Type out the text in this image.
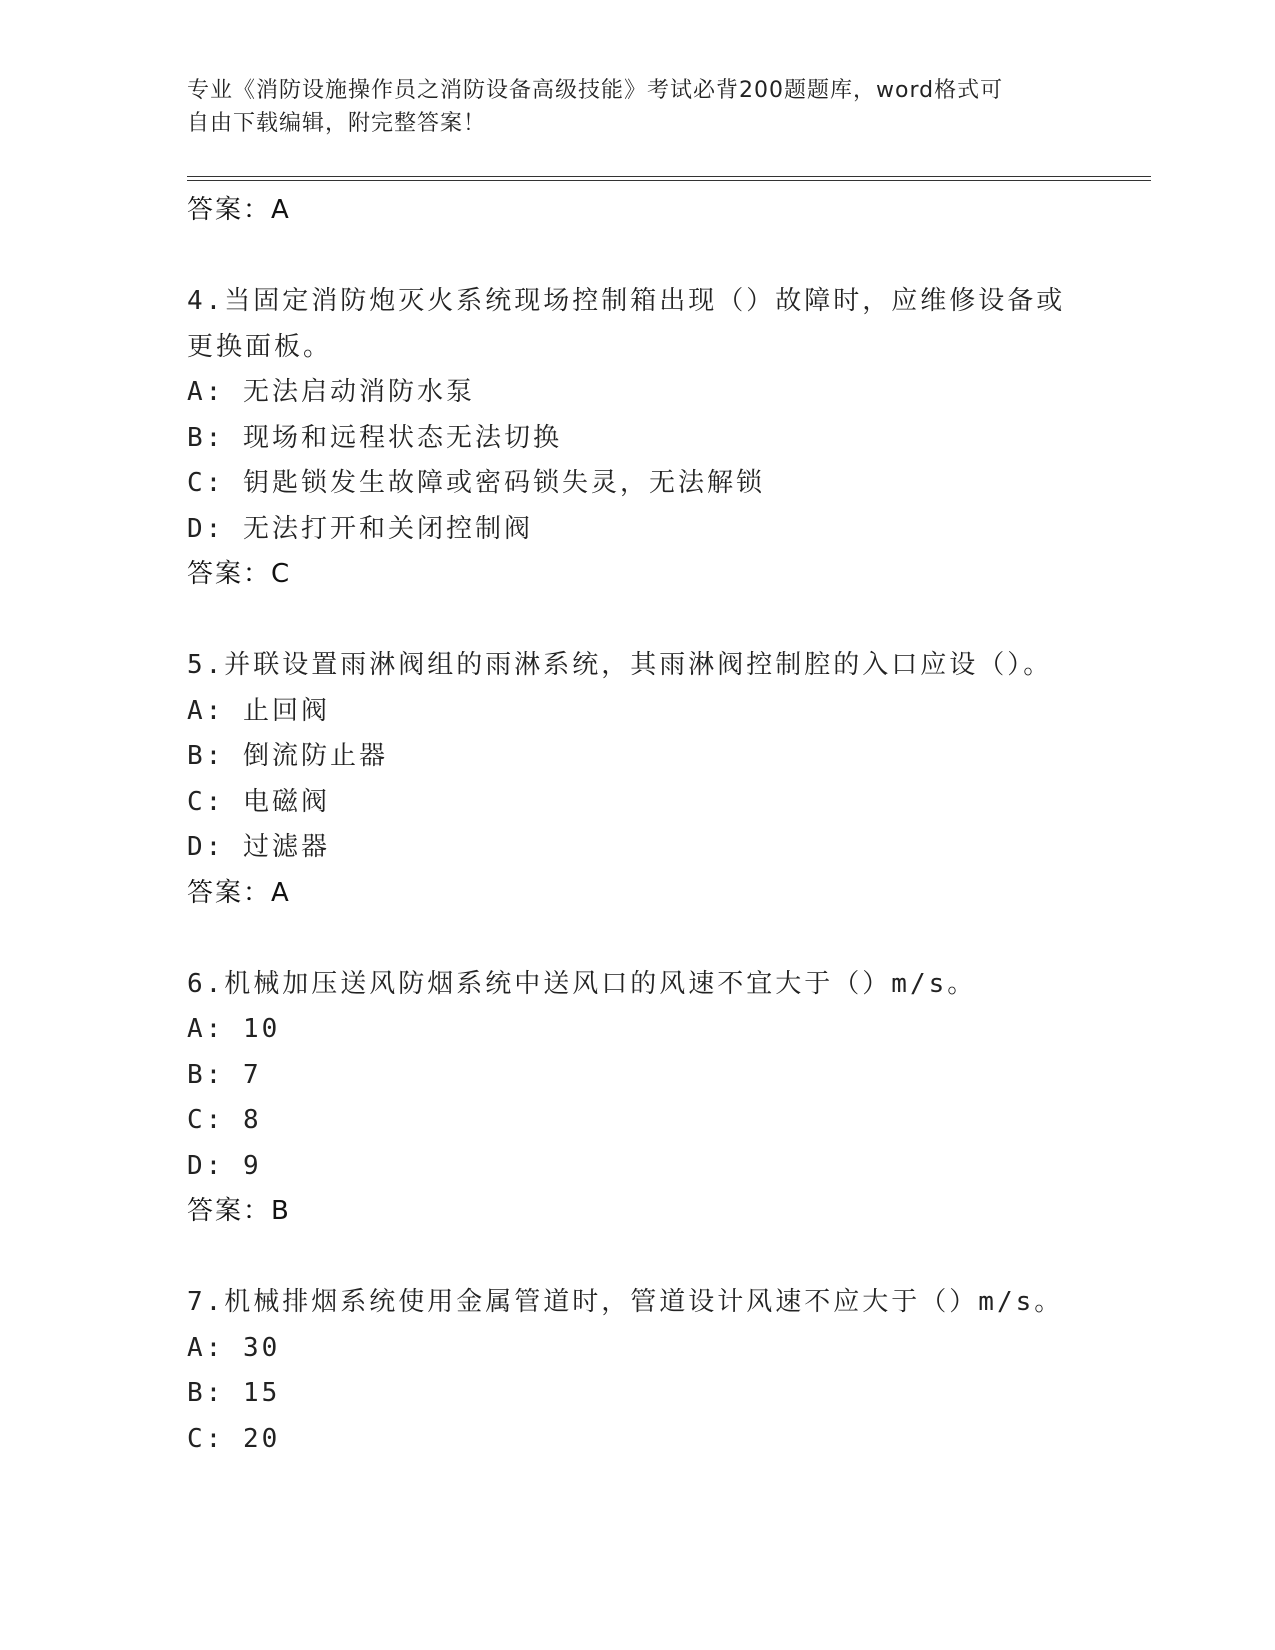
专业《消防设施操作员之消防设备高级技能》考试必背200题题库，word格式可
自由下载编辑，附完整答案！
答案：A
4.当固定消防炮灭火系统现场控制箱出现（）故障时，应维修设备或
更换面板。
A: 无法启动消防水泵
B: 现场和远程状态无法切换
C: 钥匙锁发生故障或密码锁失灵，无法解锁
D: 无法打开和关闭控制阀
答案：C
5.并联设置雨淋阀组的雨淋系统，其雨淋阀控制腔的入口应设（）。
A: 止回阀
B: 倒流防止器
C: 电磁阀
D: 过滤器
答案：A
6.机械加压送风防烟系统中送风口的风速不宜大于（）m/s。
A: 10
B: 7
C: 8
D: 9
答案：B
7.机械排烟系统使用金属管道时，管道设计风速不应大于（）m/s。
A: 30
B: 15
C: 20
